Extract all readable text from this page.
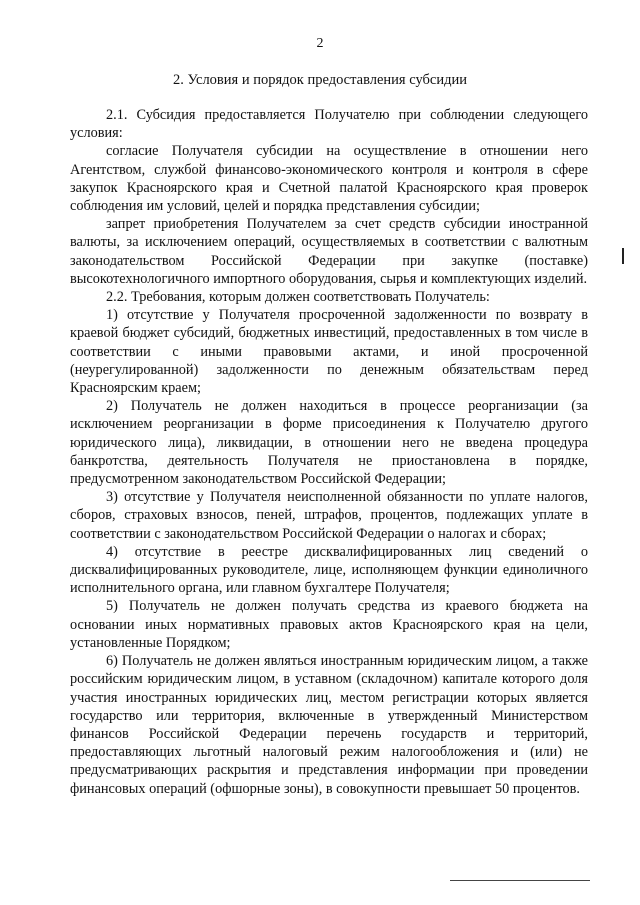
2
2. Условия и порядок предоставления субсидии

2.1. Субсидия предоставляется Получателю при соблюдении следующего условия:

согласие Получателя субсидии на осуществление в отношении него Агентством, службой финансово-экономического контроля и контроля в сфере закупок Красноярского края и Счетной палатой Красноярского края проверок соблюдения им условий, целей и порядка представления субсидии;

запрет приобретения Получателем за счет средств субсидии иностранной валюты, за исключением операций, осуществляемых в соответствии с валютным законодательством Российской Федерации при закупке (поставке) высокотехнологичного импортного оборудования, сырья и комплектующих изделий.

2.2. Требования, которым должен соответствовать Получатель:

1) отсутствие у Получателя просроченной задолженности по возврату в краевой бюджет субсидий, бюджетных инвестиций, предоставленных в том числе в соответствии с иными правовыми актами, и иной просроченной (неурегулированной) задолженности по денежным обязательствам перед Красноярским краем;

2) Получатель не должен находиться в процессе реорганизации (за исключением реорганизации в форме присоединения к Получателю другого юридического лица), ликвидации, в отношении него не введена процедура банкротства, деятельность Получателя не приостановлена в порядке, предусмотренном законодательством Российской Федерации;

3) отсутствие у Получателя неисполненной обязанности по уплате налогов, сборов, страховых взносов, пеней, штрафов, процентов, подлежащих уплате в соответствии с законодательством Российской Федерации о налогах и сборах;

4) отсутствие в реестре дисквалифицированных лиц сведений о дисквалифицированных руководителе, лице, исполняющем функции единоличного исполнительного органа, или главном бухгалтере Получателя;

5) Получатель не должен получать средства из краевого бюджета на основании иных нормативных правовых актов Красноярского края на цели, установленные Порядком;

6) Получатель не должен являться иностранным юридическим лицом, а также российским юридическим лицом, в уставном (складочном) капитале которого доля участия иностранных юридических лиц, местом регистрации которых является государство или территория, включенные в утвержденный Министерством финансов Российской Федерации перечень государств и территорий, предоставляющих льготный налоговый режим налогообложения и (или) не предусматривающих раскрытия и представления информации при проведении финансовых операций (офшорные зоны), в совокупности превышает 50 процентов.
